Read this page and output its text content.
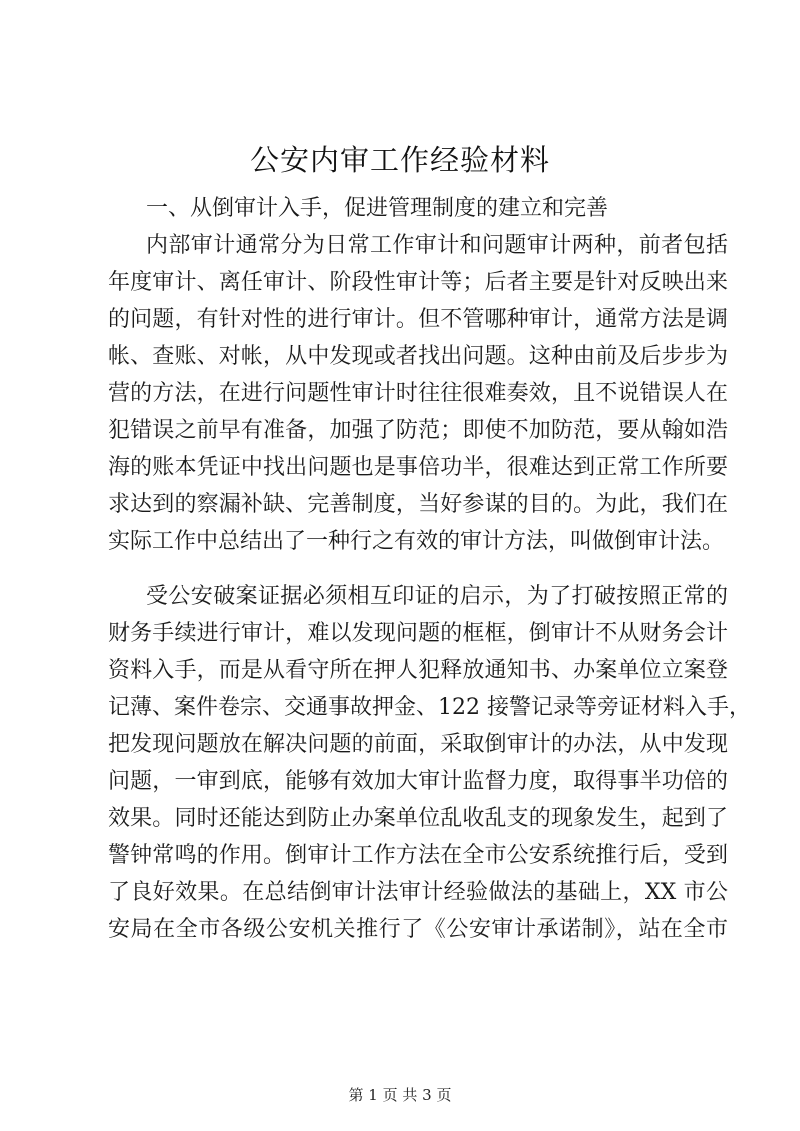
公安内审工作经验材料
一、从倒审计入手，促进管理制度的建立和完善
内部审计通常分为日常工作审计和问题审计两种，前者包括
年度审计、离任审计、阶段性审计等；后者主要是针对反映出来
的问题，有针对性的进行审计。但不管哪种审计，通常方法是调
帐、查账、对帐，从中发现或者找出问题。这种由前及后步步为
营的方法，在进行问题性审计时往往很难奏效，且不说错误人在
犯错误之前早有准备，加强了防范；即使不加防范，要从翰如浩
海的账本凭证中找出问题也是事倍功半，很难达到正常工作所要
求达到的察漏补缺、完善制度，当好参谋的目的。为此，我们在
实际工作中总结出了一种行之有效的审计方法，叫做倒审计法。
受公安破案证据必须相互印证的启示，为了打破按照正常的
财务手续进行审计，难以发现问题的框框，倒审计不从财务会计
资料入手，而是从看守所在押人犯释放通知书、办案单位立案登
记薄、案件卷宗、交通事故押金、122 接警记录等旁证材料入手，
把发现问题放在解决问题的前面，采取倒审计的办法，从中发现
问题，一审到底，能够有效加大审计监督力度，取得事半功倍的
效果。同时还能达到防止办案单位乱收乱支的现象发生，起到了
警钟常鸣的作用。倒审计工作方法在全市公安系统推行后，受到
了良好效果。在总结倒审计法审计经验做法的基础上，XX 市公
安局在全市各级公安机关推行了《公安审计承诺制》，站在全市
第 1 页 共 3 页
